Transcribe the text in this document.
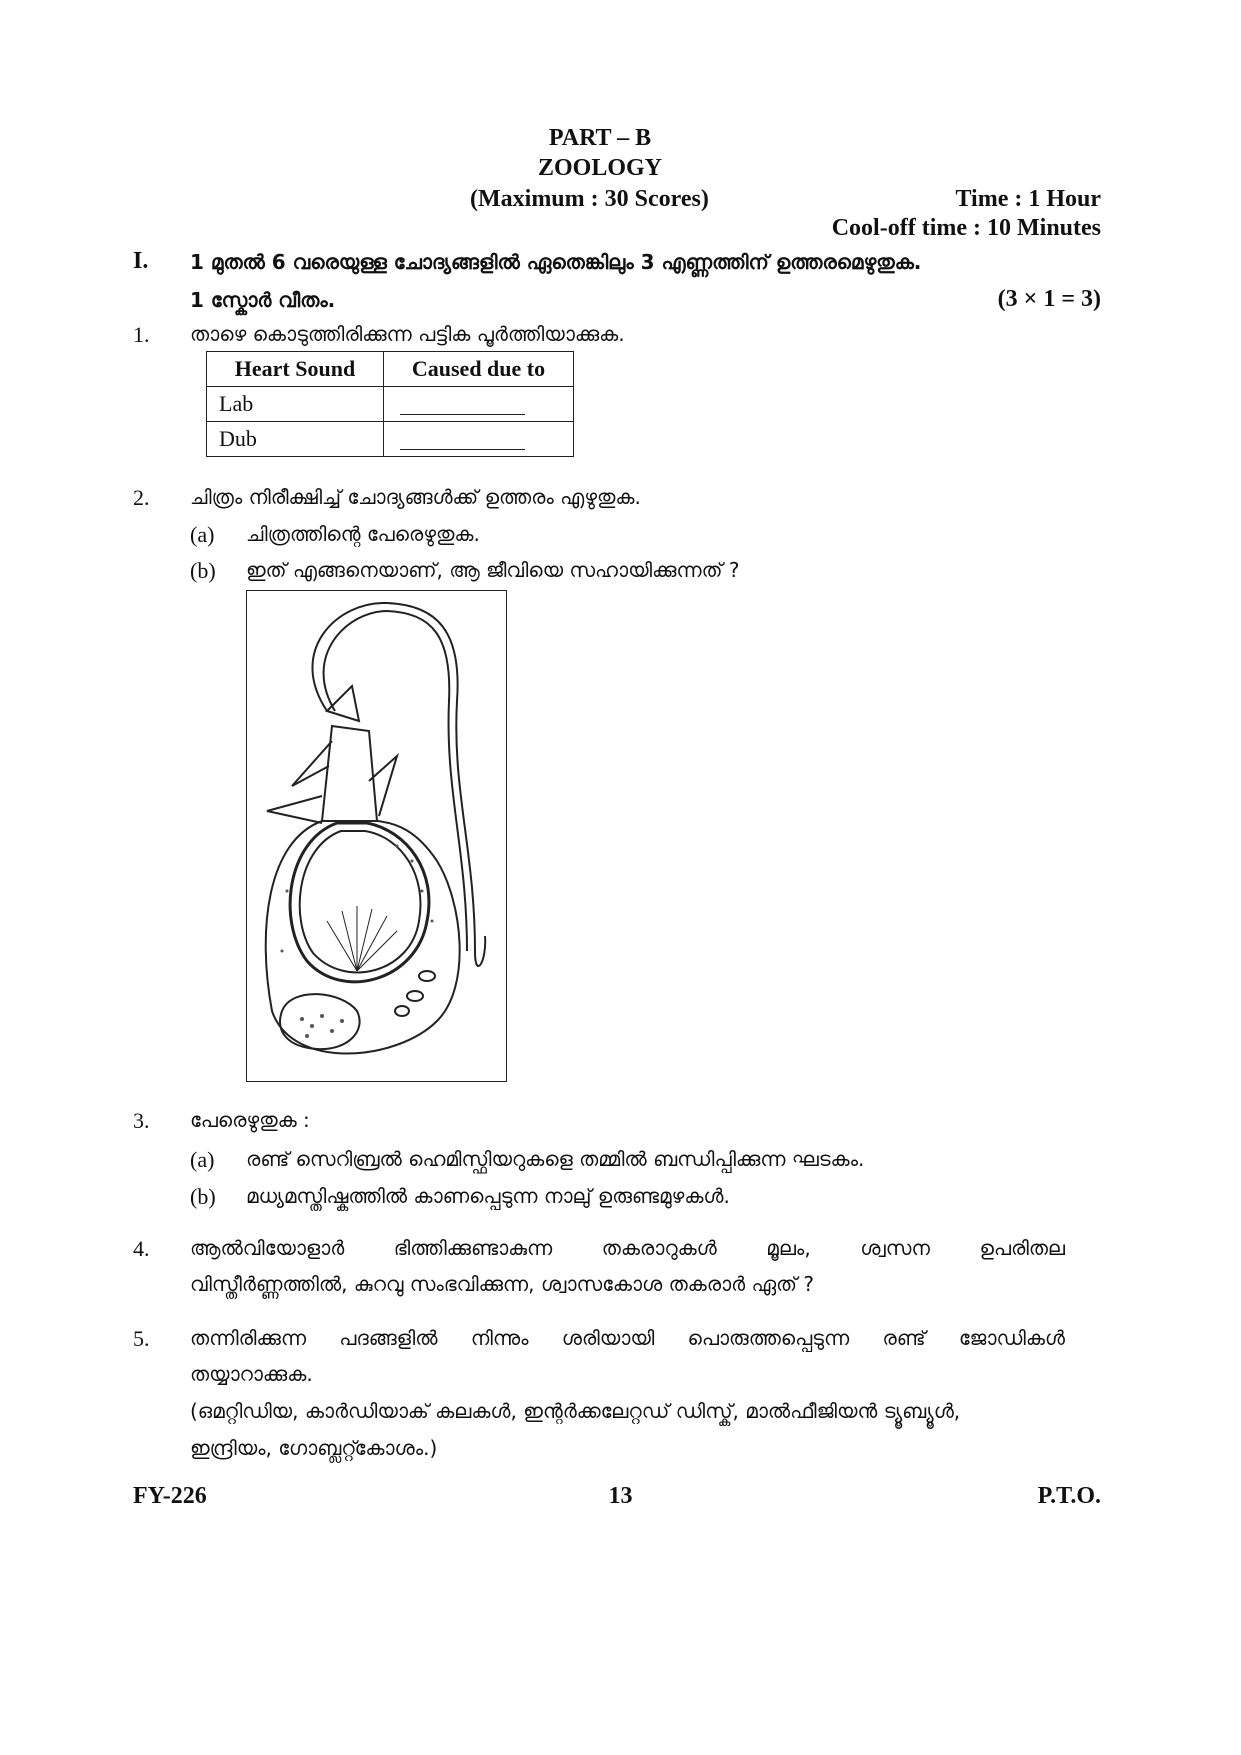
PART – B
ZOOLOGY
(Maximum : 30 Scores)	Time : 1 Hour
Cool-off time : 10 Minutes
I. 1 മുതൽ 6 വരെയുള്ള ചോദ്യങ്ങളിൽ ഏതെങ്കിലും 3 എണ്ണത്തിന് ഉത്തരമെഴുതുക.
1 സ്കോർ വീതം.	(3 × 1 = 3)
1. താഴെ കൊടുത്തിരിക്കുന്ന പട്ടിക പൂർത്തിയാക്കുക.
Heart Sound	Caused due to
Lab	
Dub	
2. ചിത്രം നിരീക്ഷിച്ച് ചോദ്യങ്ങൾക്ക് ഉത്തരം എഴുതുക.
(a) ചിത്രത്തിന്റെ പേരെഴുതുക.
(b) ഇത് എങ്ങനെയാണ്, ആ ജീവിയെ സഹായിക്കുന്നത് ?
3. പേരെഴുതുക :
(a) രണ്ട് സെറിബ്രൽ ഹെമിസ്ഫിയറുകളെ തമ്മിൽ ബന്ധിപ്പിക്കുന്ന ഘടകം.
(b) മധ്യമസ്തിഷ്കത്തിൽ കാണപ്പെടുന്ന നാലു് ഉരുണ്ടമുഴകൾ.
4. ആൽവിയോളാർ ഭിത്തിക്കുണ്ടാകുന്ന തകരാറുകൾ മൂലം, ശ്വസന ഉപരിതല
വിസ്തീർണ്ണത്തിൽ, കുറവു സംഭവിക്കുന്ന, ശ്വാസകോശ തകരാർ ഏത് ?
5. തന്നിരിക്കുന്ന പദങ്ങളിൽ നിന്നും ശരിയായി പൊരുത്തപ്പെടുന്ന രണ്ട് ജോഡികൾ
തയ്യാറാക്കുക.
(ഒമറ്റിഡിയ, കാർഡിയാക് കലകൾ, ഇന്റർക്കലേറ്റഡ് ഡിസ്ക്, മാൽഫീജിയൻ ട്യൂബ്യൂൾ,
ഇന്ദ്രിയം, ഗോബ്ലറ്റ്കോശം.)
FY-226	13	P.T.O.
